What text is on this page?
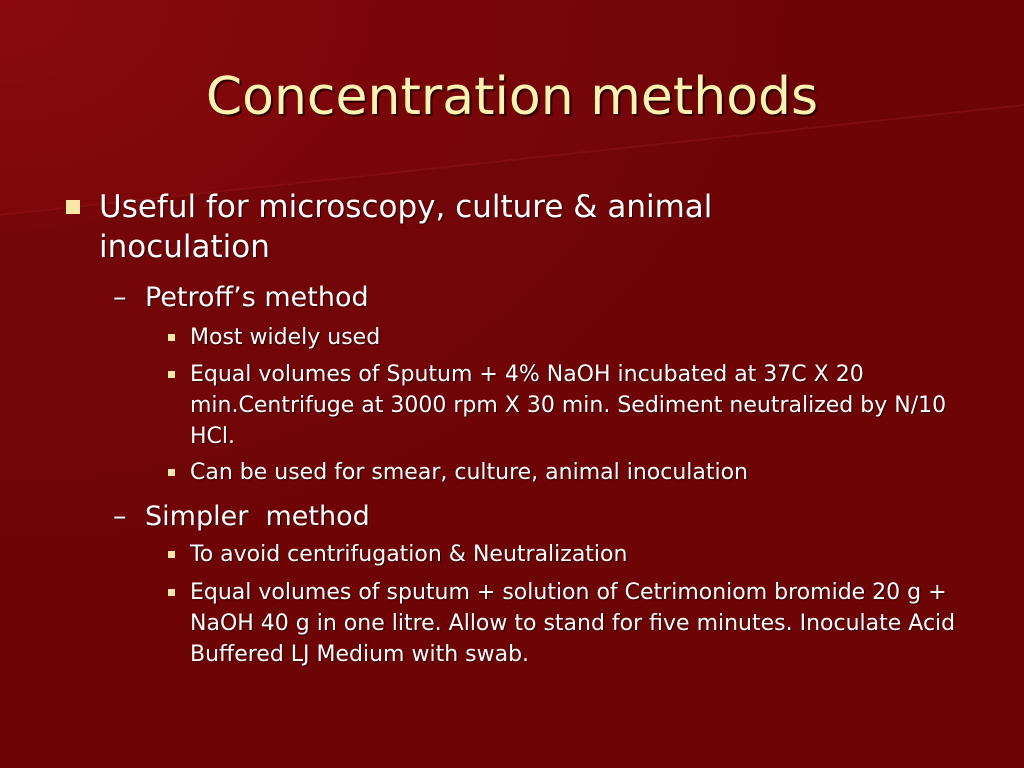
Concentration methods
Useful for microscopy, culture & animal inoculation
– Petroff’s method
Most widely used
Equal volumes of Sputum + 4% NaOH incubated at 37C X 20 min.Centrifuge at 3000 rpm X 30 min. Sediment neutralized by N/10 HCl.
Can be used for smear, culture, animal inoculation
– Simpler  method
To avoid centrifugation & Neutralization
Equal volumes of sputum + solution of Cetrimoniom bromide 20 g + NaOH 40 g in one litre. Allow to stand for five minutes. Inoculate Acid Buffered LJ Medium with swab.
